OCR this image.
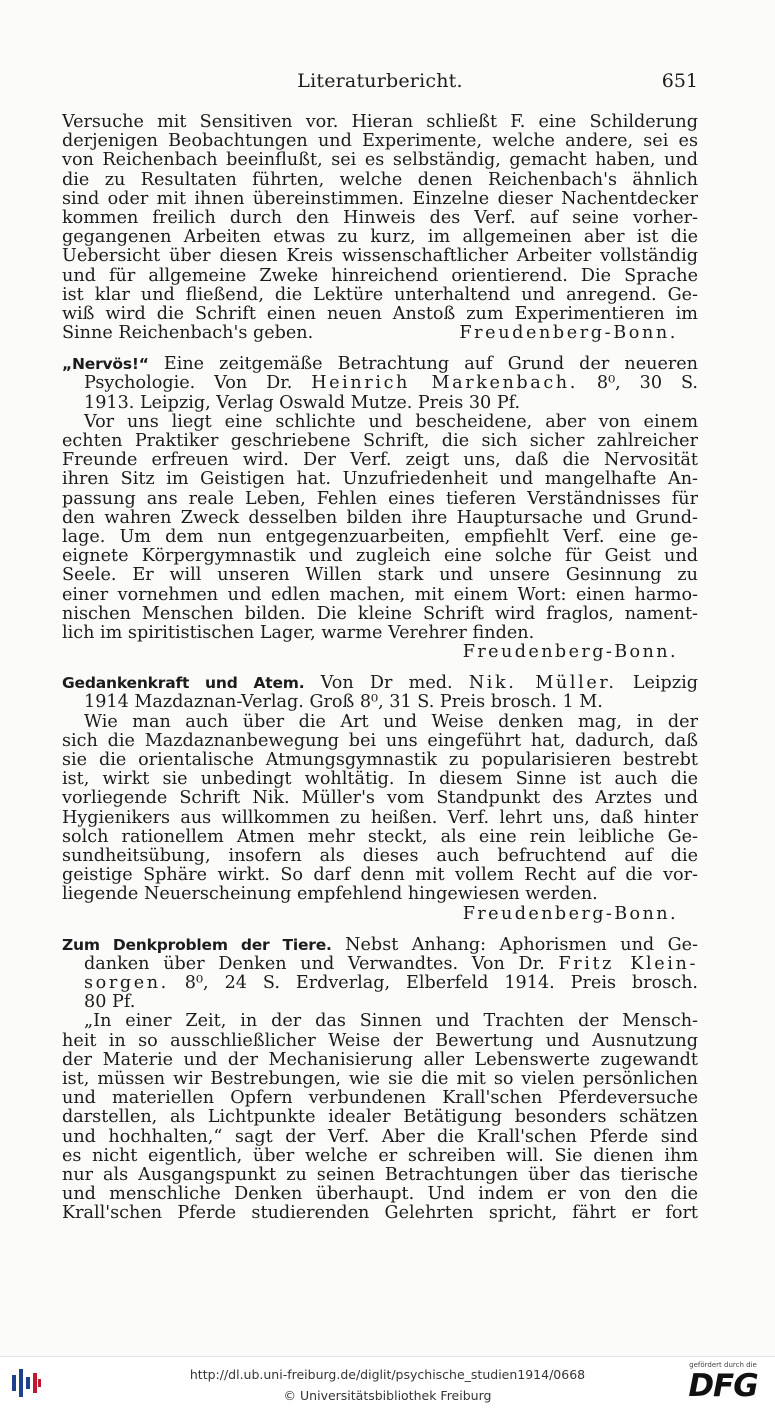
Literaturbericht.	651
Versuche mit Sensitiven vor. Hieran schließt F. eine Schilderung
derjenigen Beobachtungen und Experimente, welche andere, sei es
von Reichenbach beeinflußt, sei es selbständig, gemacht haben, und
die zu Resultaten führten, welche denen Reichenbach's ähnlich
sind oder mit ihnen übereinstimmen. Einzelne dieser Nachentdecker
kommen freilich durch den Hinweis des Verf. auf seine vorher-
gegangenen Arbeiten etwas zu kurz, im allgemeinen aber ist die
Uebersicht über diesen Kreis wissenschaftlicher Arbeiter vollständig
und für allgemeine Zweke hinreichend orientierend. Die Sprache
ist klar und fließend, die Lektüre unterhaltend und anregend. Ge-
wiß wird die Schrift einen neuen Anstoß zum Experimentieren im
Sinne Reichenbach's geben.	Freudenberg-Bonn.
„Nervös!“ Eine zeitgemäße Betrachtung auf Grund der neueren
Psychologie. Von Dr. Heinrich Markenbach. 8⁰, 30 S.
1913. Leipzig, Verlag Oswald Mutze. Preis 30 Pf.
Vor uns liegt eine schlichte und bescheidene, aber von einem
echten Praktiker geschriebene Schrift, die sich sicher zahlreicher
Freunde erfreuen wird. Der Verf. zeigt uns, daß die Nervosität
ihren Sitz im Geistigen hat. Unzufriedenheit und mangelhafte An-
passung ans reale Leben, Fehlen eines tieferen Verständnisses für
den wahren Zweck desselben bilden ihre Hauptursache und Grund-
lage. Um dem nun entgegenzuarbeiten, empfiehlt Verf. eine ge-
eignete Körpergymnastik und zugleich eine solche für Geist und
Seele. Er will unseren Willen stark und unsere Gesinnung zu
einer vornehmen und edlen machen, mit einem Wort: einen harmo-
nischen Menschen bilden. Die kleine Schrift wird fraglos, nament-
lich im spiritistischen Lager, warme Verehrer finden.
Freudenberg-Bonn.
Gedankenkraft und Atem. Von Dr med. Nik. Müller. Leipzig
1914 Mazdaznan-Verlag. Groß 8⁰, 31 S. Preis brosch. 1 M.
Wie man auch über die Art und Weise denken mag, in der
sich die Mazdaznanbewegung bei uns eingeführt hat, dadurch, daß
sie die orientalische Atmungsgymnastik zu popularisieren bestrebt
ist, wirkt sie unbedingt wohltätig. In diesem Sinne ist auch die
vorliegende Schrift Nik. Müller's vom Standpunkt des Arztes und
Hygienikers aus willkommen zu heißen. Verf. lehrt uns, daß hinter
solch rationellem Atmen mehr steckt, als eine rein leibliche Ge-
sundheitsübung, insofern als dieses auch befruchtend auf die
geistige Sphäre wirkt. So darf denn mit vollem Recht auf die vor-
liegende Neuerscheinung empfehlend hingewiesen werden.
Freudenberg-Bonn.
Zum Denkproblem der Tiere. Nebst Anhang: Aphorismen und Ge-
danken über Denken und Verwandtes. Von Dr. Fritz Klein-
sorgen. 8⁰, 24 S. Erdverlag, Elberfeld 1914. Preis brosch.
80 Pf.
„In einer Zeit, in der das Sinnen und Trachten der Mensch-
heit in so ausschließlicher Weise der Bewertung und Ausnutzung
der Materie und der Mechanisierung aller Lebenswerte zugewandt
ist, müssen wir Bestrebungen, wie sie die mit so vielen persönlichen
und materiellen Opfern verbundenen Krall'schen Pferdeversuche
darstellen, als Lichtpunkte idealer Betätigung besonders schätzen
und hochhalten,“ sagt der Verf. Aber die Krall'schen Pferde sind
es nicht eigentlich, über welche er schreiben will. Sie dienen ihm
nur als Ausgangspunkt zu seinen Betrachtungen über das tierische
und menschliche Denken überhaupt. Und indem er von den die
Krall'schen Pferde studierenden Gelehrten spricht, fährt er fort
http://dl.ub.uni-freiburg.de/diglit/psychische_studien1914/0668
© Universitätsbibliothek Freiburg
gefördert durch die
DFG
